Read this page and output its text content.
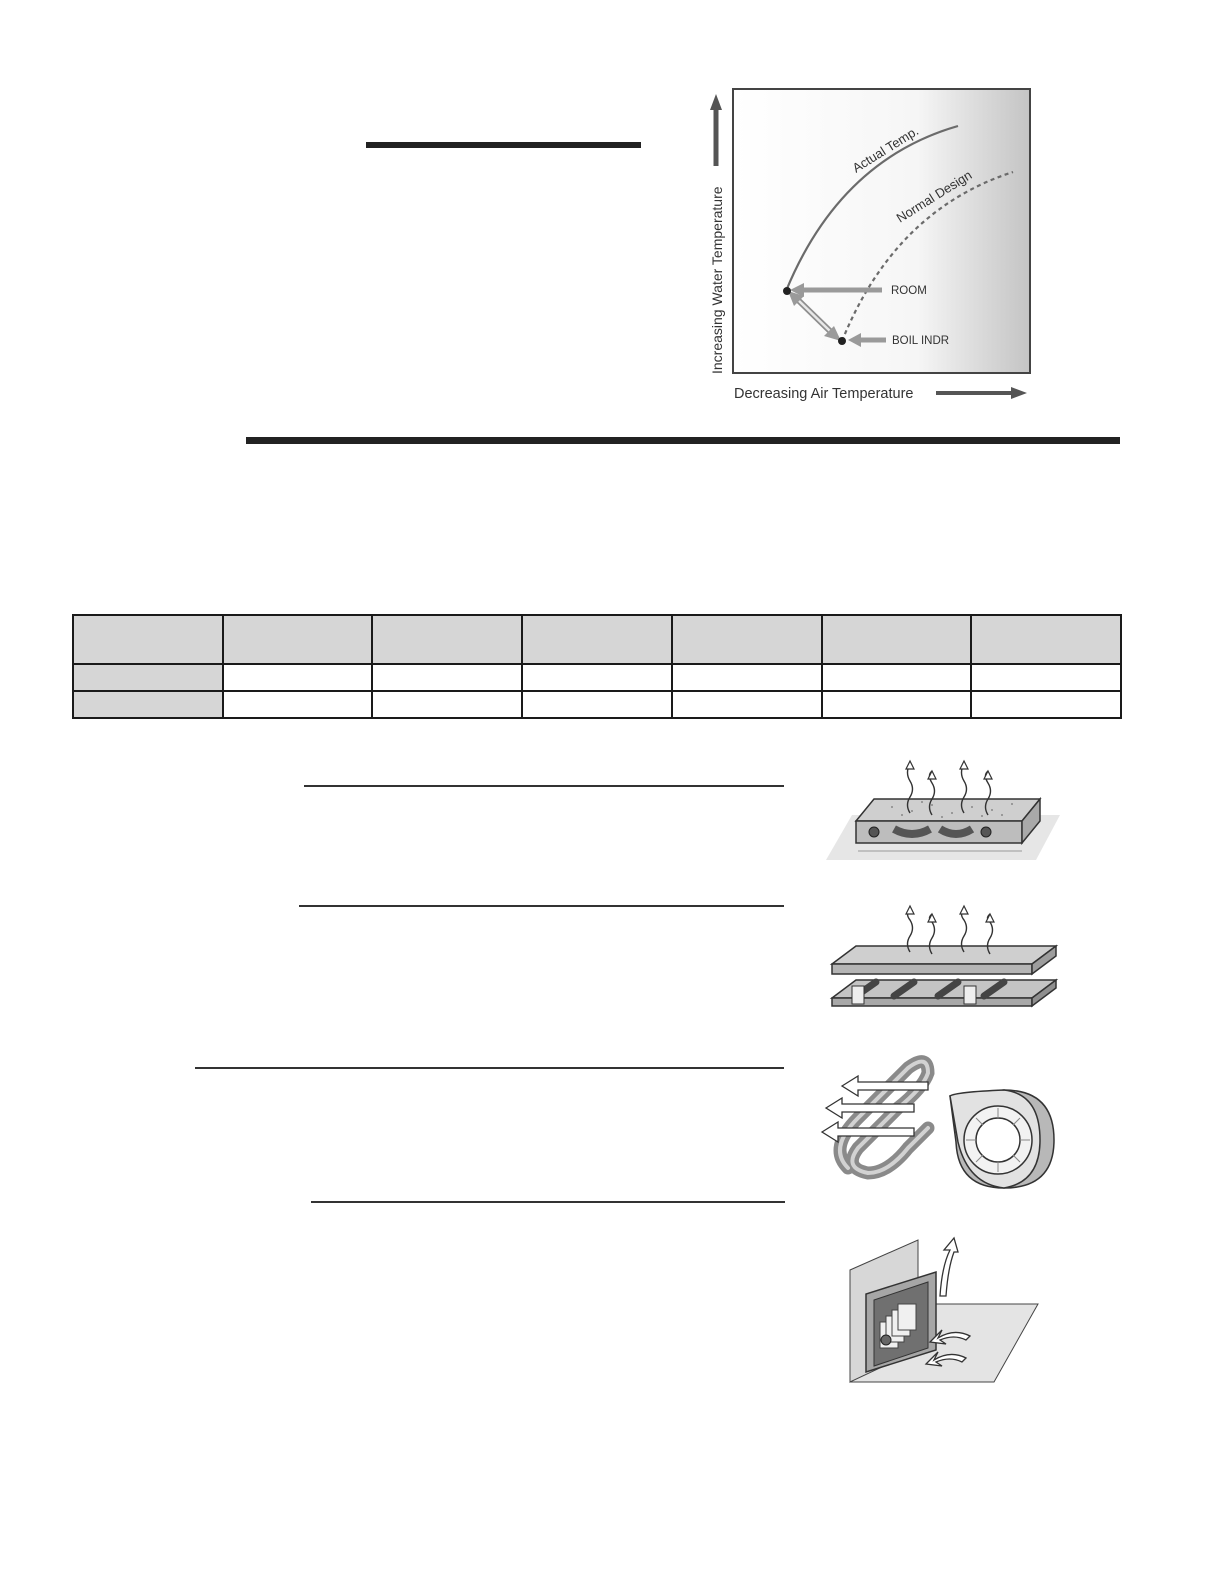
Increasing Water Temperature
Decreasing Air Temperature
Actual Temp.
Normal Design
ROOM
BOIL INDR
